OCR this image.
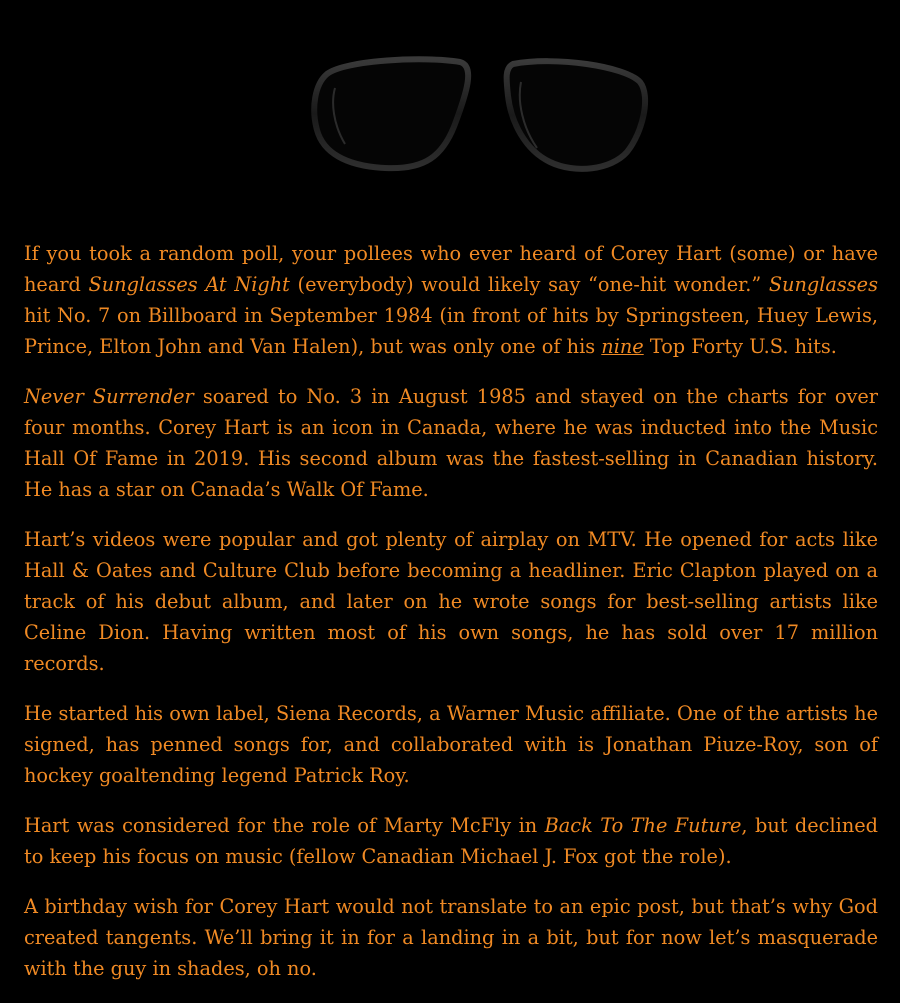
If you took a random poll, your pollees who ever heard of Corey Hart (some) or have heard Sunglasses At Night (everybody) would likely say “one-hit wonder.” Sunglasses hit No. 7 on Billboard in September 1984 (in front of hits by Springsteen, Huey Lewis, Prince, Elton John and Van Halen), but was only one of his nine Top Forty U.S. hits.

Never Surrender soared to No. 3 in August 1985 and stayed on the charts for over four months. Corey Hart is an icon in Canada, where he was inducted into the Music Hall Of Fame in 2019. His second album was the fastest-selling in Canadian history. He has a star on Canada’s Walk Of Fame.

Hart’s videos were popular and got plenty of airplay on MTV. He opened for acts like Hall & Oates and Culture Club before becoming a headliner. Eric Clapton played on a track of his debut album, and later on he wrote songs for best-selling artists like Celine Dion. Having written most of his own songs, he has sold over 17 million records.

He started his own label, Siena Records, a Warner Music affiliate. One of the artists he signed, has penned songs for, and collaborated with is Jonathan Piuze-Roy, son of hockey goaltending legend Patrick Roy.

Hart was considered for the role of Marty McFly in Back To The Future, but declined to keep his focus on music (fellow Canadian Michael J. Fox got the role).

A birthday wish for Corey Hart would not translate to an epic post, but that’s why God created tangents. We’ll bring it in for a landing in a bit, but for now let’s masquerade with the guy in shades, oh no.
